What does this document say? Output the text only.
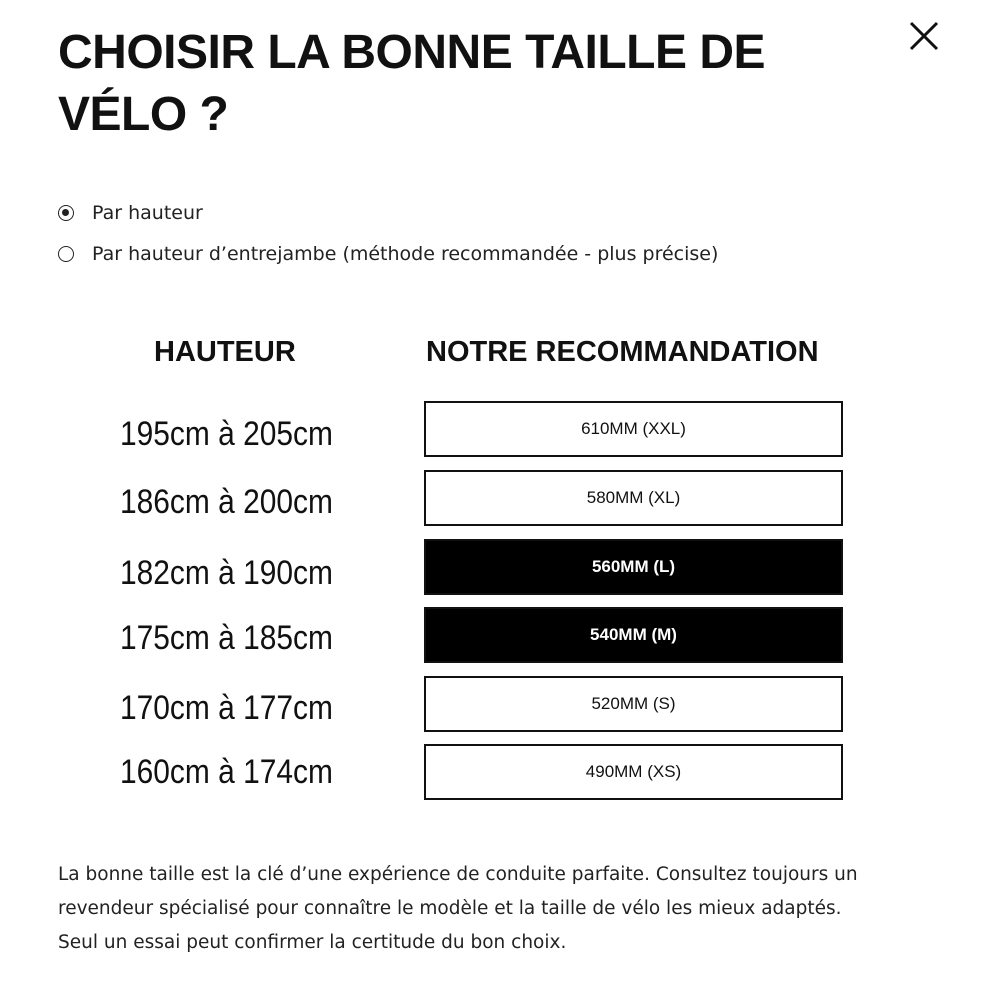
CHOISIR LA BONNE TAILLE DE VÉLO ?
Par hauteur
Par hauteur d’entrejambe (méthode recommandée - plus précise)
HAUTEUR	NOTRE RECOMMANDATION
195cm à 205cm	610MM (XXL)
186cm à 200cm	580MM (XL)
182cm à 190cm	560MM (L)
175cm à 185cm	540MM (M)
170cm à 177cm	520MM (S)
160cm à 174cm	490MM (XS)

La bonne taille est la clé d’une expérience de conduite parfaite. Consultez toujours un
revendeur spécialisé pour connaître le modèle et la taille de vélo les mieux adaptés.
Seul un essai peut confirmer la certitude du bon choix.
